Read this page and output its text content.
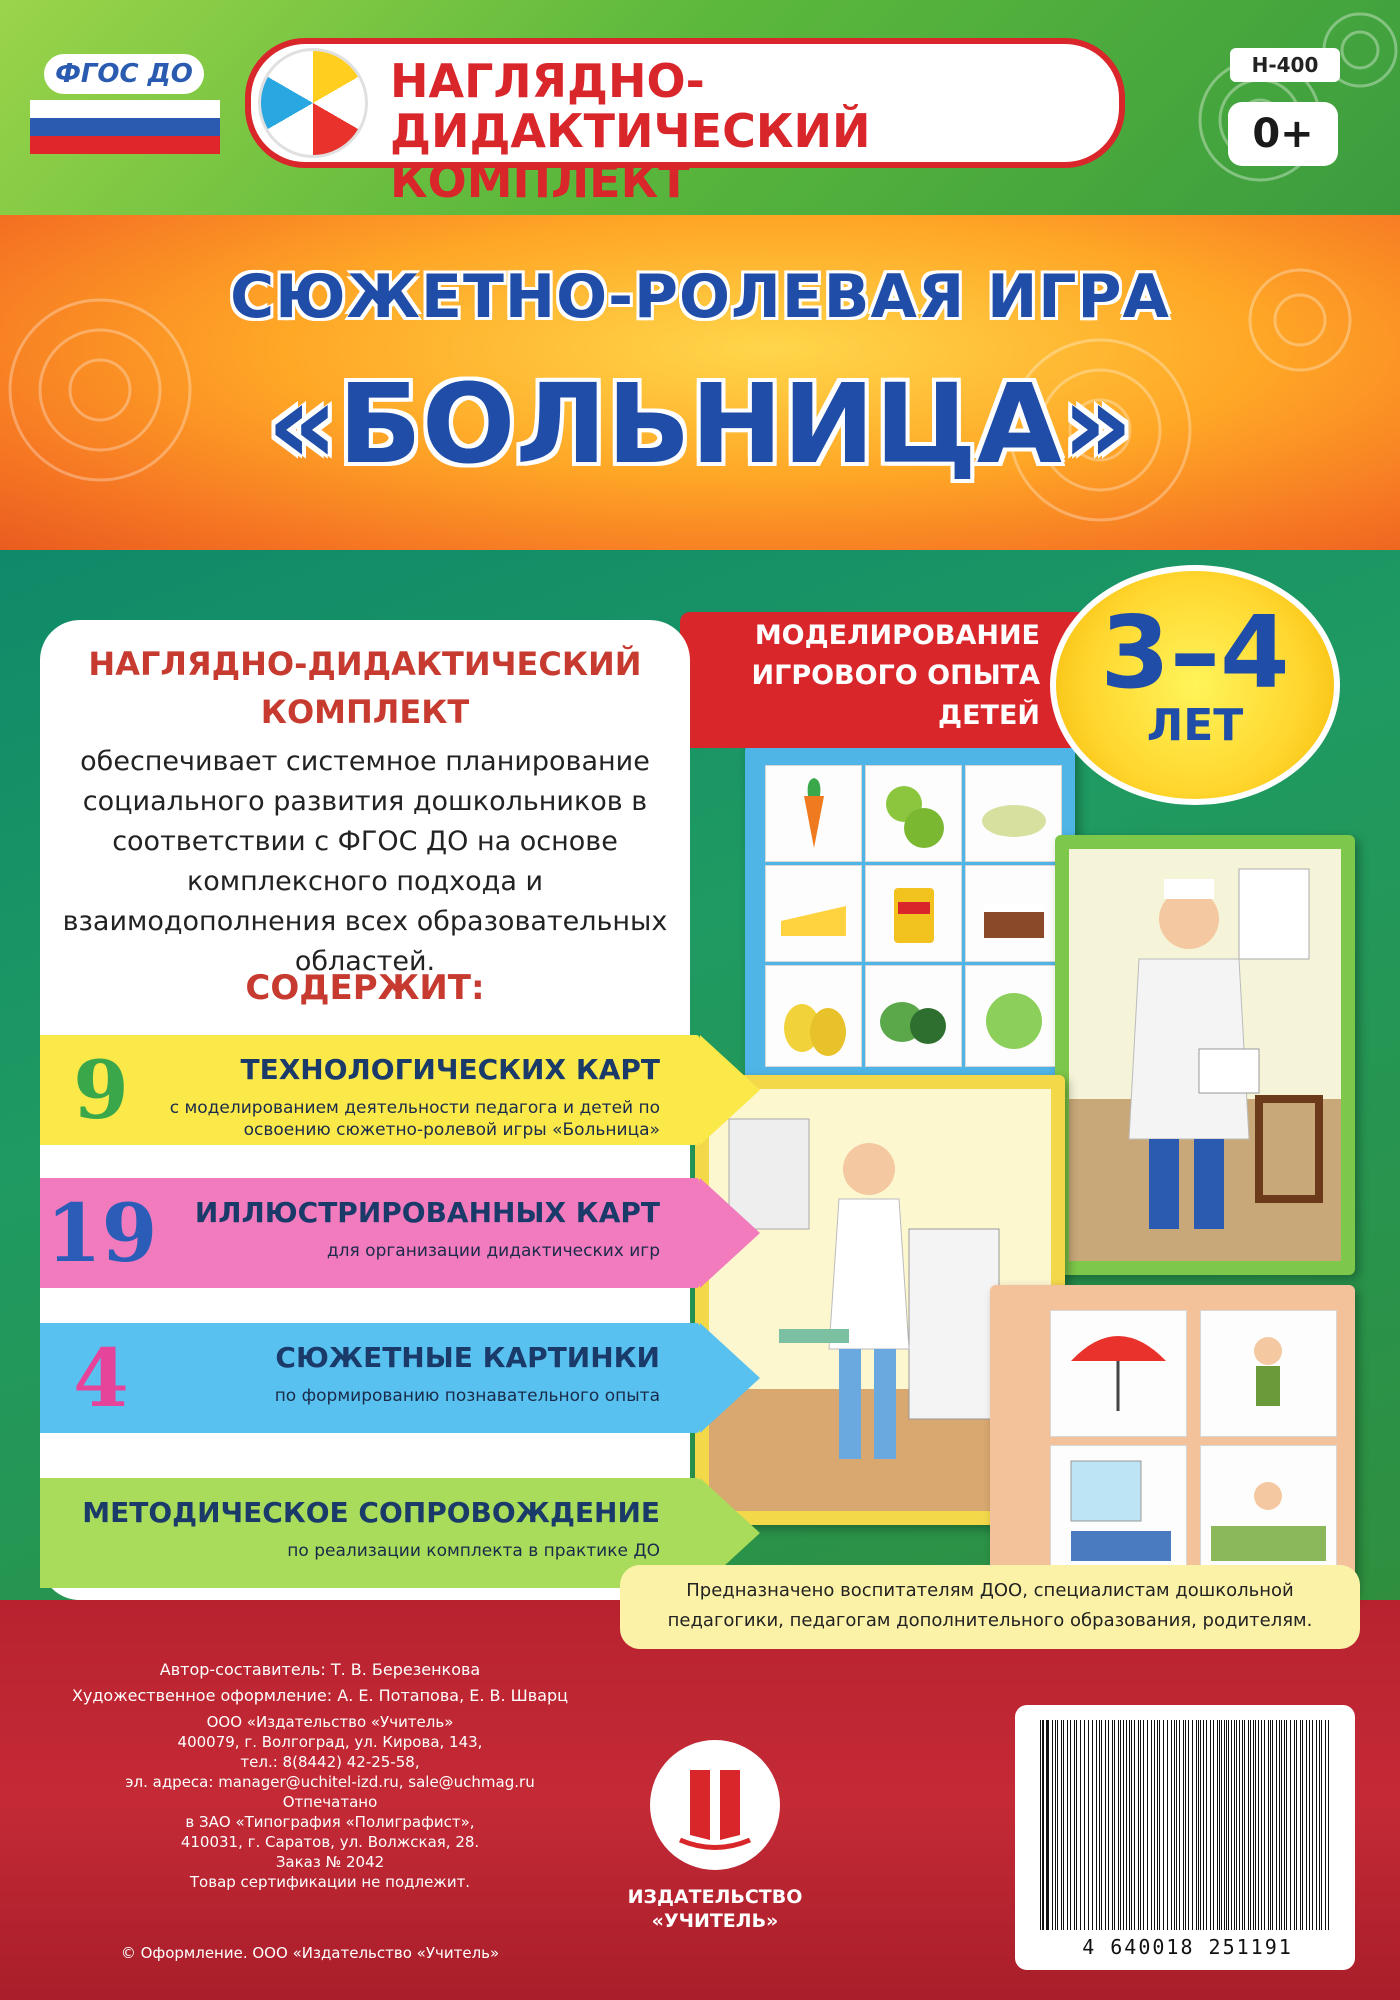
ФГОС ДО	НАГЛЯДНО-ДИДАКТИЧЕСКИЙ КОМПЛЕКТ
Н-400
0+
СЮЖЕТНО-РОЛЕВАЯ ИГРА
«БОЛЬНИЦА»
МОДЕЛИРОВАНИЕ ИГРОВОГО ОПЫТА ДЕТЕЙ
3–4
ЛЕТ
НАГЛЯДНО-ДИДАКТИЧЕСКИЙ КОМПЛЕКТ
обеспечивает системное планирование социального развития дошкольников в соответствии с ФГОС ДО на основе комплексного подхода и взаимодополнения всех образовательных областей.
СОДЕРЖИТ:
9	ТЕХНОЛОГИЧЕСКИХ КАРТ
с моделированием деятельности педагога и детей по освоению сюжетно-ролевой игры «Больница»
19	ИЛЛЮСТРИРОВАННЫХ КАРТ
для организации дидактических игр
4	СЮЖЕТНЫЕ КАРТИНКИ
по формированию познавательного опыта
МЕТОДИЧЕСКОЕ СОПРОВОЖДЕНИЕ
по реализации комплекта в практике ДО
Предназначено воспитателям ДОО, специалистам дошкольной педагогики, педагогам дополнительного образования, родителям.
Автор-составитель: Т. В. Березенкова
Художественное оформление: А. Е. Потапова, Е. В. Шварц
ООО «Издательство «Учитель»
400079, г. Волгоград, ул. Кирова, 143,
тел.: 8(8442) 42-25-58,
эл. адреса: manager@uchitel-izd.ru, sale@uchmag.ru
Отпечатано
в ЗАО «Типография «Полиграфист»,
410031, г. Саратов, ул. Волжская, 28.
Заказ № 2042
Товар сертификации не подлежит.
© Оформление. ООО «Издательство «Учитель»
ИЗДАТЕЛЬСТВО «УЧИТЕЛЬ»
4 640018 251191
